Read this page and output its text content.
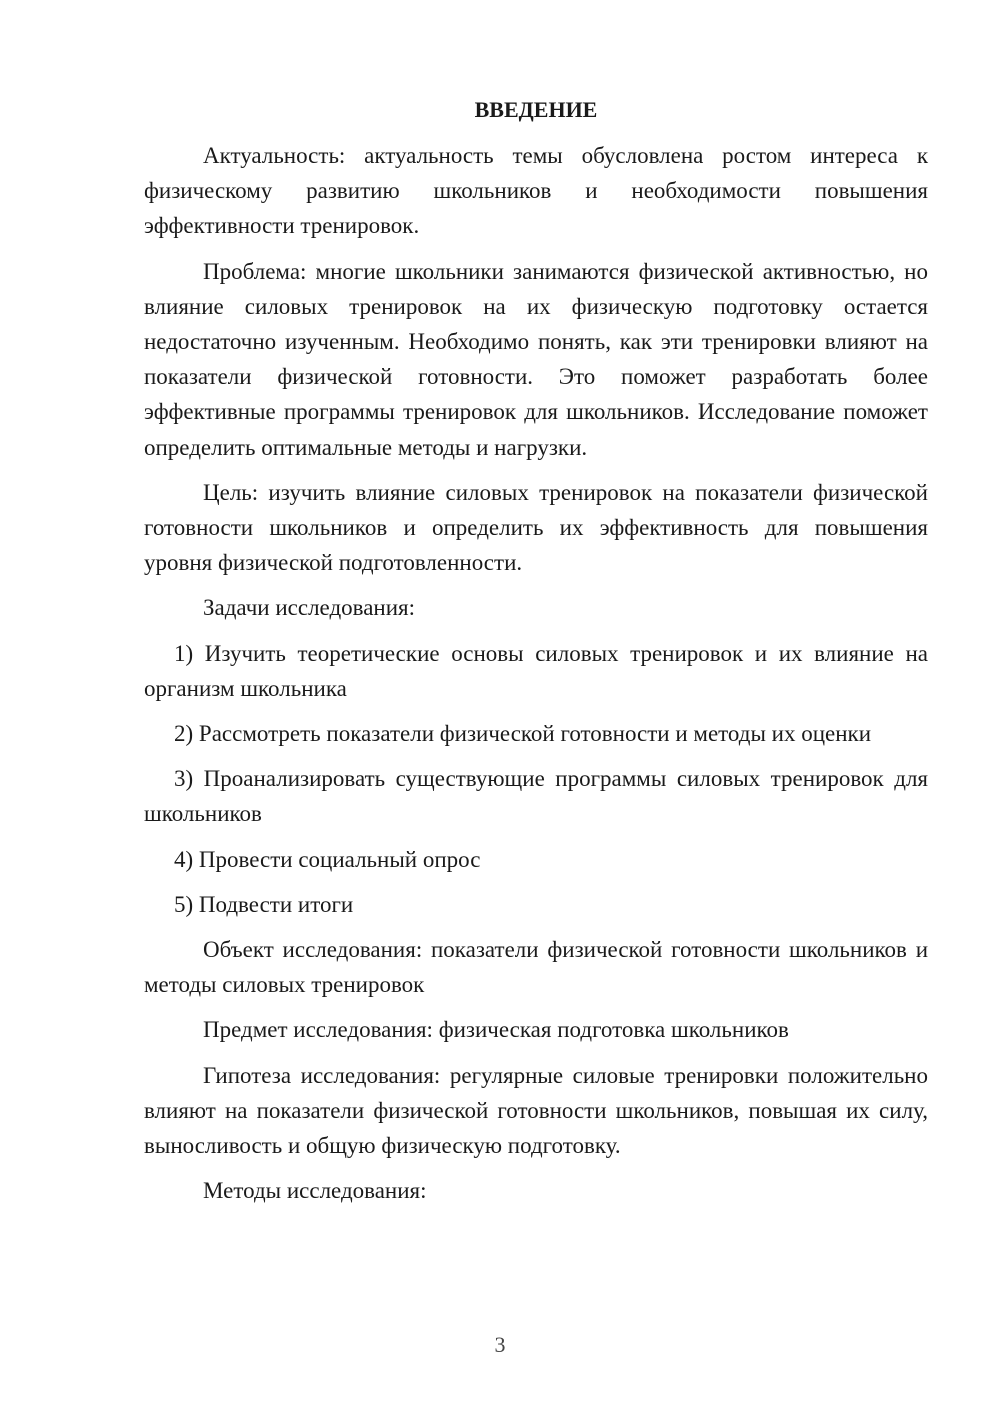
ВВЕДЕНИЕ

Актуальность: актуальность темы обусловлена ростом интереса к физическому развитию школьников и необходимости повышения эффективности тренировок.

Проблема: многие школьники занимаются физической активностью, но влияние силовых тренировок на их физическую подготовку остается недостаточно изученным. Необходимо понять, как эти тренировки влияют на показатели физической готовности. Это поможет разработать более эффективные программы тренировок для школьников. Исследование поможет определить оптимальные методы и нагрузки.

Цель: изучить влияние силовых тренировок на показатели физической готовности школьников и определить их эффективность для повышения уровня физической подготовленности.

Задачи исследования:

1) Изучить теоретические основы силовых тренировок и их влияние на организм школьника

2) Рассмотреть показатели физической готовности и методы их оценки

3) Проанализировать существующие программы силовых тренировок для школьников

4) Провести социальный опрос

5) Подвести итоги

Объект исследования: показатели физической готовности школьников и методы силовых тренировок

Предмет исследования: физическая подготовка школьников

Гипотеза исследования: регулярные силовые тренировки положительно влияют на показатели физической готовности школьников, повышая их силу, выносливость и общую физическую подготовку.

Методы исследования:

3
